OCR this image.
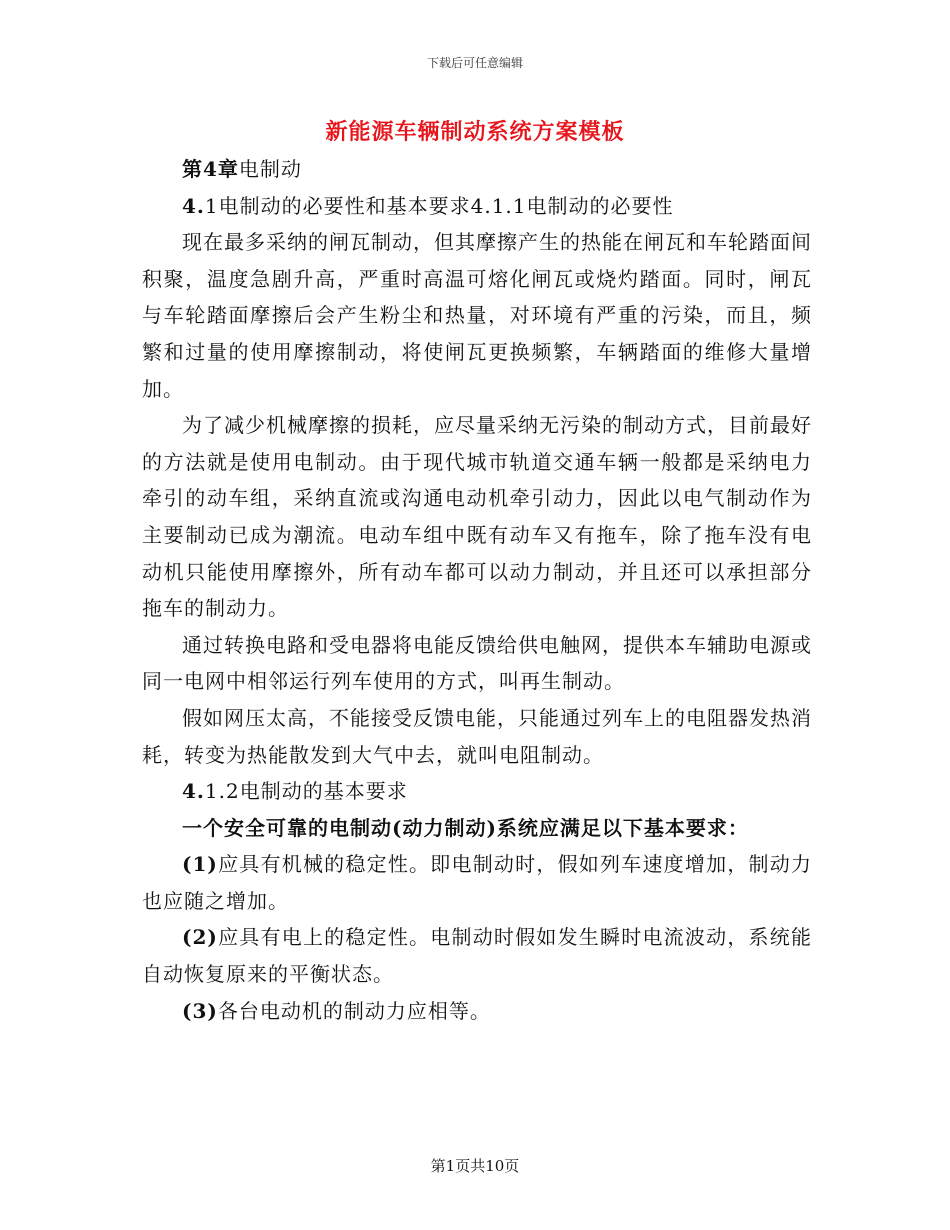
下载后可任意编辑
新能源车辆制动系统方案模板

第4章电制动

4.1电制动的必要性和基本要求4.1.1电制动的必要性

现在最多采纳的闸瓦制动，但其摩擦产生的热能在闸瓦和车轮踏面间积聚，温度急剧升高，严重时高温可熔化闸瓦或烧灼踏面。同时，闸瓦与车轮踏面摩擦后会产生粉尘和热量，对环境有严重的污染，而且，频繁和过量的使用摩擦制动，将使闸瓦更换频繁，车辆踏面的维修大量增加。

为了减少机械摩擦的损耗，应尽量采纳无污染的制动方式，目前最好的方法就是使用电制动。由于现代城市轨道交通车辆一般都是采纳电力牵引的动车组，采纳直流或沟通电动机牵引动力，因此以电气制动作为主要制动已成为潮流。电动车组中既有动车又有拖车，除了拖车没有电动机只能使用摩擦外，所有动车都可以动力制动，并且还可以承担部分拖车的制动力。

通过转换电路和受电器将电能反馈给供电触网，提供本车辅助电源或同一电网中相邻运行列车使用的方式，叫再生制动。

假如网压太高，不能接受反馈电能，只能通过列车上的电阻器发热消耗，转变为热能散发到大气中去，就叫电阻制动。

4.1.2电制动的基本要求

一个安全可靠的电制动(动力制动)系统应满足以下基本要求：

(1)应具有机械的稳定性。即电制动时，假如列车速度增加，制动力也应随之增加。

(2)应具有电上的稳定性。电制动时假如发生瞬时电流波动，系统能自动恢复原来的平衡状态。

(3)各台电动机的制动力应相等。

第1页共10页
